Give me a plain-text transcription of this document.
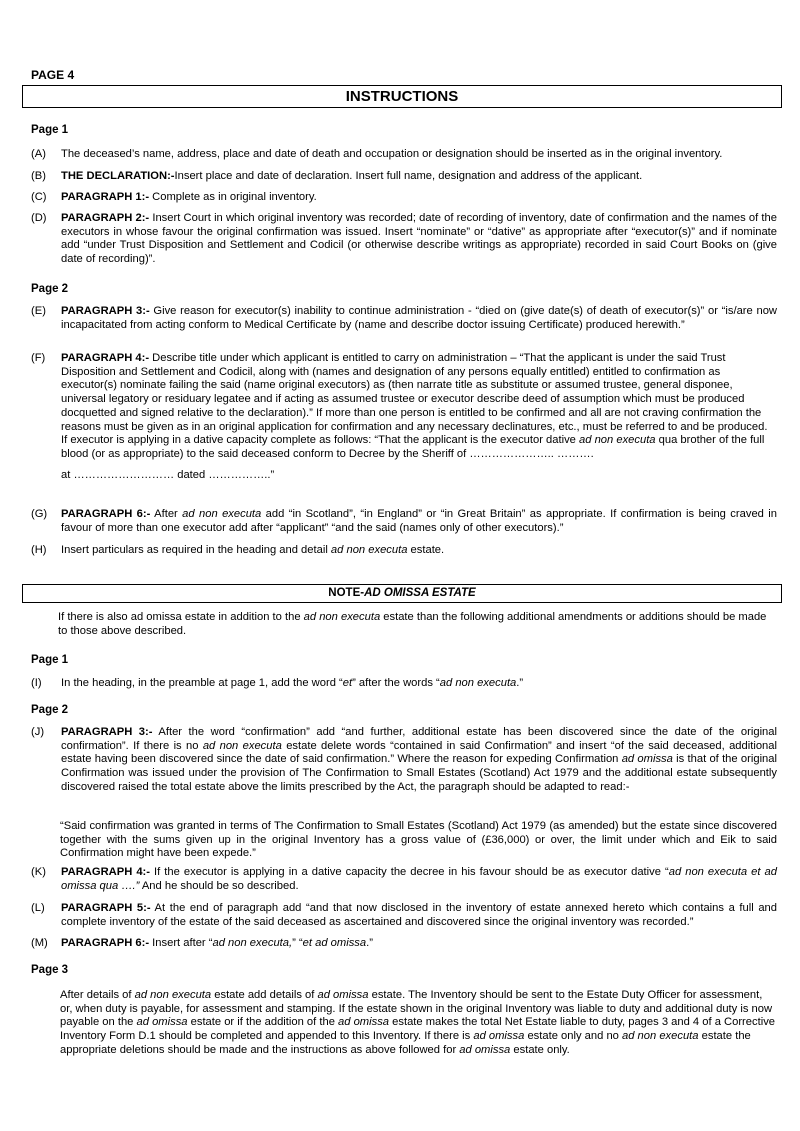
PAGE 4
INSTRUCTIONS
Page 1
(A) The deceased’s name, address, place and date of death and occupation or designation should be inserted as in the original inventory.
(B) THE DECLARATION:-Insert place and date of declaration. Insert full name, designation and address of the applicant.
(C) PARAGRAPH 1:- Complete as in original inventory.
(D) PARAGRAPH 2:- Insert Court in which original inventory was recorded; date of recording of inventory, date of confirmation and the names of the executors in whose favour the original confirmation was issued. Insert “nominate” or “dative” as appropriate after “executor(s)” and if nominate add “under Trust Disposition and Settlement and Codicil (or otherwise describe writings as appropriate) recorded in said Court Books on (give date of recording)”.
Page 2
(E) PARAGRAPH 3:- Give reason for executor(s) inability to continue administration - “died on (give date(s) of death of executor(s)” or “is/are now incapacitated from acting conform to Medical Certificate by (name and describe doctor issuing Certificate) produced herewith.”
(F) PARAGRAPH 4:- Describe title under which applicant is entitled to carry on administration – “That the applicant is under the said Trust Disposition and Settlement and Codicil, along with (names and designation of any persons equally entitled) entitled to confirmation as executor(s) nominate failing the said (name original executors) as (then narrate title as substitute or assumed trustee, general disponee, universal legatory or residuary legatee and if acting as assumed trustee or executor describe deed of assumption which must be produced docquetted and signed relative to the declaration).” If more than one person is entitled to be confirmed and all are not craving confirmation the reasons must be given as in an original application for confirmation and any necessary declinatures, etc., must be referred to and be produced.
If executor is applying in a dative capacity complete as follows: “That the applicant is the executor dative ad non executa qua brother of the full blood (or as appropriate) to the said deceased conform to Decree by the Sheriff of ………………….. ……….
at ……………………… dated ……………..”
(G) PARAGRAPH 6:- After ad non executa add “in Scotland”, “in England” or “in Great Britain” as appropriate. If confirmation is being craved in favour of more than one executor add after “applicant” “and the said (names only of other executors).”
(H) Insert particulars as required in the heading and detail ad non executa estate.
NOTE-AD OMISSA ESTATE
If there is also ad omissa estate in addition to the ad non executa estate than the following additional amendments or additions should be made to those above described.
Page 1
(I) In the heading, in the preamble at page 1, add the word “et” after the words “ad non executa.”
Page 2
(J) PARAGRAPH 3:- After the word “confirmation” add “and further, additional estate has been discovered since the date of the original confirmation”. If there is no ad non executa estate delete words “contained in said Confirmation” and insert “of the said deceased, additional estate having been discovered since the date of said confirmation.” Where the reason for expeding Confirmation ad omissa is that of the original Confirmation was issued under the provision of The Confirmation to Small Estates (Scotland) Act 1979 and the additional estate subsequently discovered raised the total estate above the limits prescribed by the Act, the paragraph should be adapted to read:-
“Said confirmation was granted in terms of The Confirmation to Small Estates (Scotland) Act 1979 (as amended) but the estate since discovered together with the sums given up in the original Inventory has a gross value of (£36,000) or over, the limit under which and Eik to said Confirmation might have been expede.”
(K) PARAGRAPH 4:- If the executor is applying in a dative capacity the decree in his favour should be as executor dative “ad non executa et ad omissa qua ….” And he should be so described.
(L) PARAGRAPH 5:- At the end of paragraph add “and that now disclosed in the inventory of estate annexed hereto which contains a full and complete inventory of the estate of the said deceased as ascertained and discovered since the original inventory was recorded.”
(M) PARAGRAPH 6:- Insert after “ad non executa,” “et ad omissa.”
Page 3
After details of ad non executa estate add details of ad omissa estate. The Inventory should be sent to the Estate Duty Officer for assessment, or, when duty is payable, for assessment and stamping. If the estate shown in the original Inventory was liable to duty and additional duty is now payable on the ad omissa estate or if the addition of the ad omissa estate makes the total Net Estate liable to duty, pages 3 and 4 of a Corrective Inventory Form D.1 should be completed and appended to this Inventory. If there is ad omissa estate only and no ad non executa estate the appropriate deletions should be made and the instructions as above followed for ad omissa estate only.
